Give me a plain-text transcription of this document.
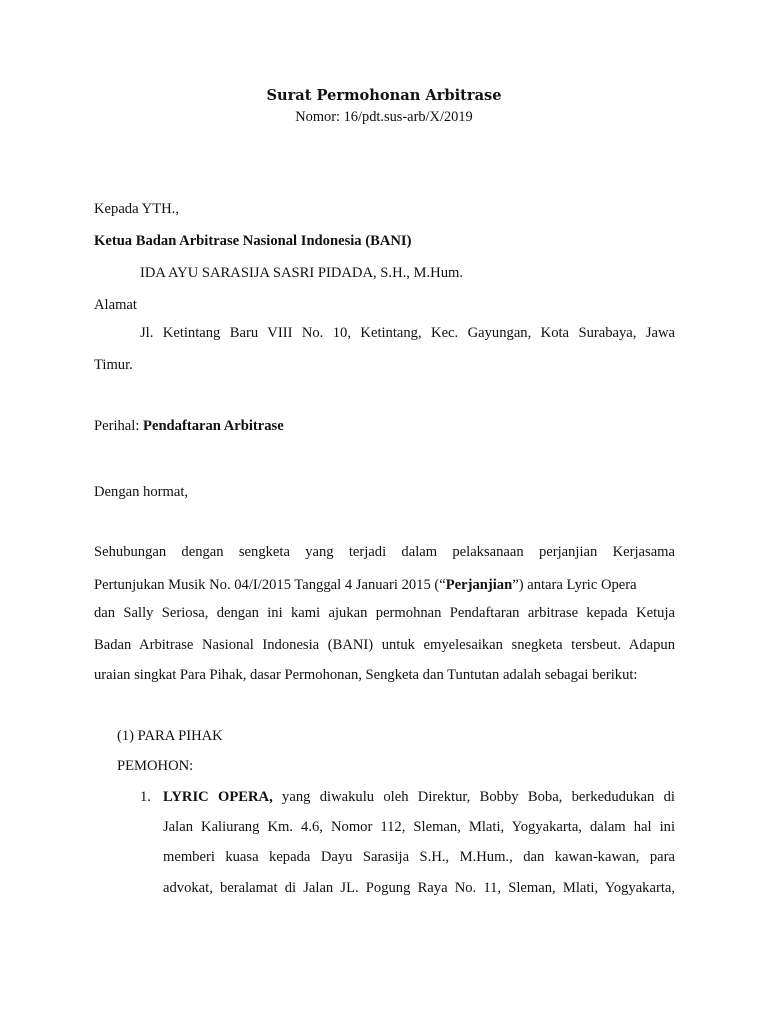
Surat Permohonan Arbitrase
Nomor: 16/pdt.sus-arb/X/2019
Kepada YTH.,
Ketua Badan Arbitrase Nasional Indonesia (BANI)
IDA AYU SARASIJA SASRI PIDADA, S.H., M.Hum.
Alamat
Jl. Ketintang Baru VIII No. 10, Ketintang, Kec. Gayungan, Kota Surabaya, Jawa
Timur.
Perihal: Pendaftaran Arbitrase
Dengan hormat,
Sehubungan dengan sengketa yang terjadi dalam pelaksanaan perjanjian Kerjasama
Pertunjukan Musik No. 04/I/2015 Tanggal 4 Januari 2015 (“Perjanjian”) antara Lyric Opera
dan Sally Seriosa, dengan ini kami ajukan permohnan Pendaftaran arbitrase kepada Ketuja
Badan Arbitrase Nasional Indonesia (BANI) untuk emyelesaikan snegketa tersbeut. Adapun
uraian singkat Para Pihak, dasar Permohonan, Sengketa dan Tuntutan adalah sebagai berikut:
(1) PARA PIHAK
PEMOHON:
1. LYRIC OPERA, yang diwakulu oleh Direktur, Bobby Boba, berkedudukan di
Jalan Kaliurang Km. 4.6, Nomor 112, Sleman, Mlati, Yogyakarta, dalam hal ini
memberi kuasa kepada Dayu Sarasija S.H., M.Hum., dan kawan-kawan, para
advokat, beralamat di Jalan JL. Pogung Raya No. 11, Sleman, Mlati, Yogyakarta,
